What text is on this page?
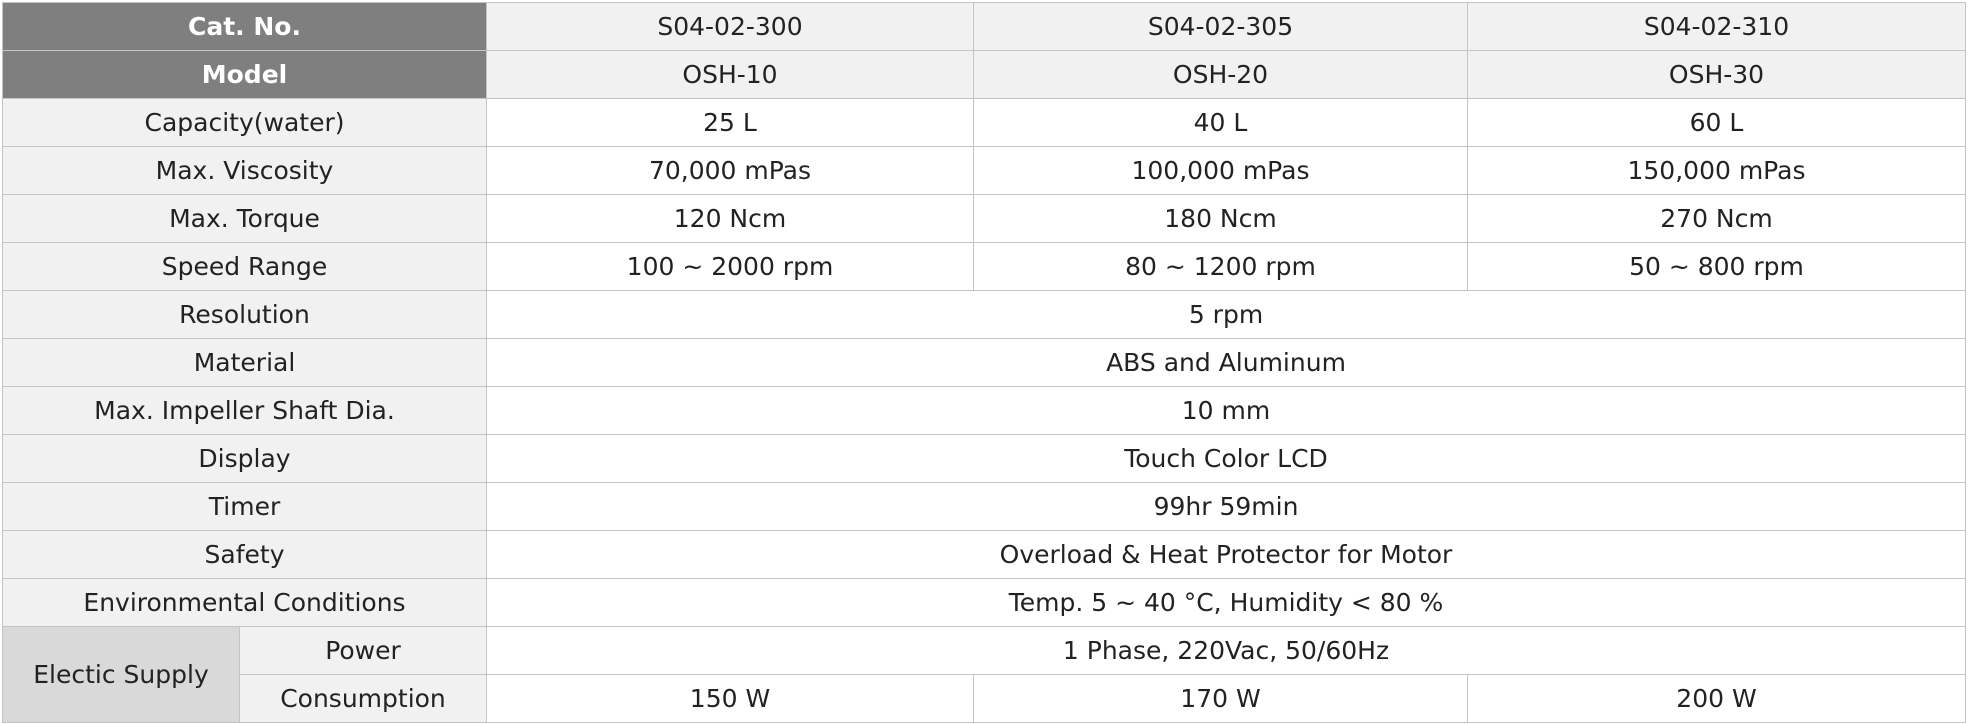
Cat. No.		S04-02-300	S04-02-305	S04-02-310
Model		OSH-10	OSH-20	OSH-30
Capacity(water)		25 L	40 L	60 L
Max. Viscosity		70,000 mPas	100,000 mPas	150,000 mPas
Max. Torque		120 Ncm	180 Ncm	270 Ncm
Speed Range		100 ~ 2000 rpm	80 ~ 1200 rpm	50 ~ 800 rpm
Resolution		5 rpm		
Material		ABS and Aluminum		
Max. Impeller Shaft Dia.		10 mm		
Display		Touch Color LCD		
Timer		99hr 59min		
Safety		Overload & Heat Protector for Motor		
Environmental Conditions		Temp. 5 ~ 40 °C, Humidity < 80 %		
Electic Supply	Power	1 Phase, 220Vac, 50/60Hz		
	Consumption	150 W	170 W	200 W
